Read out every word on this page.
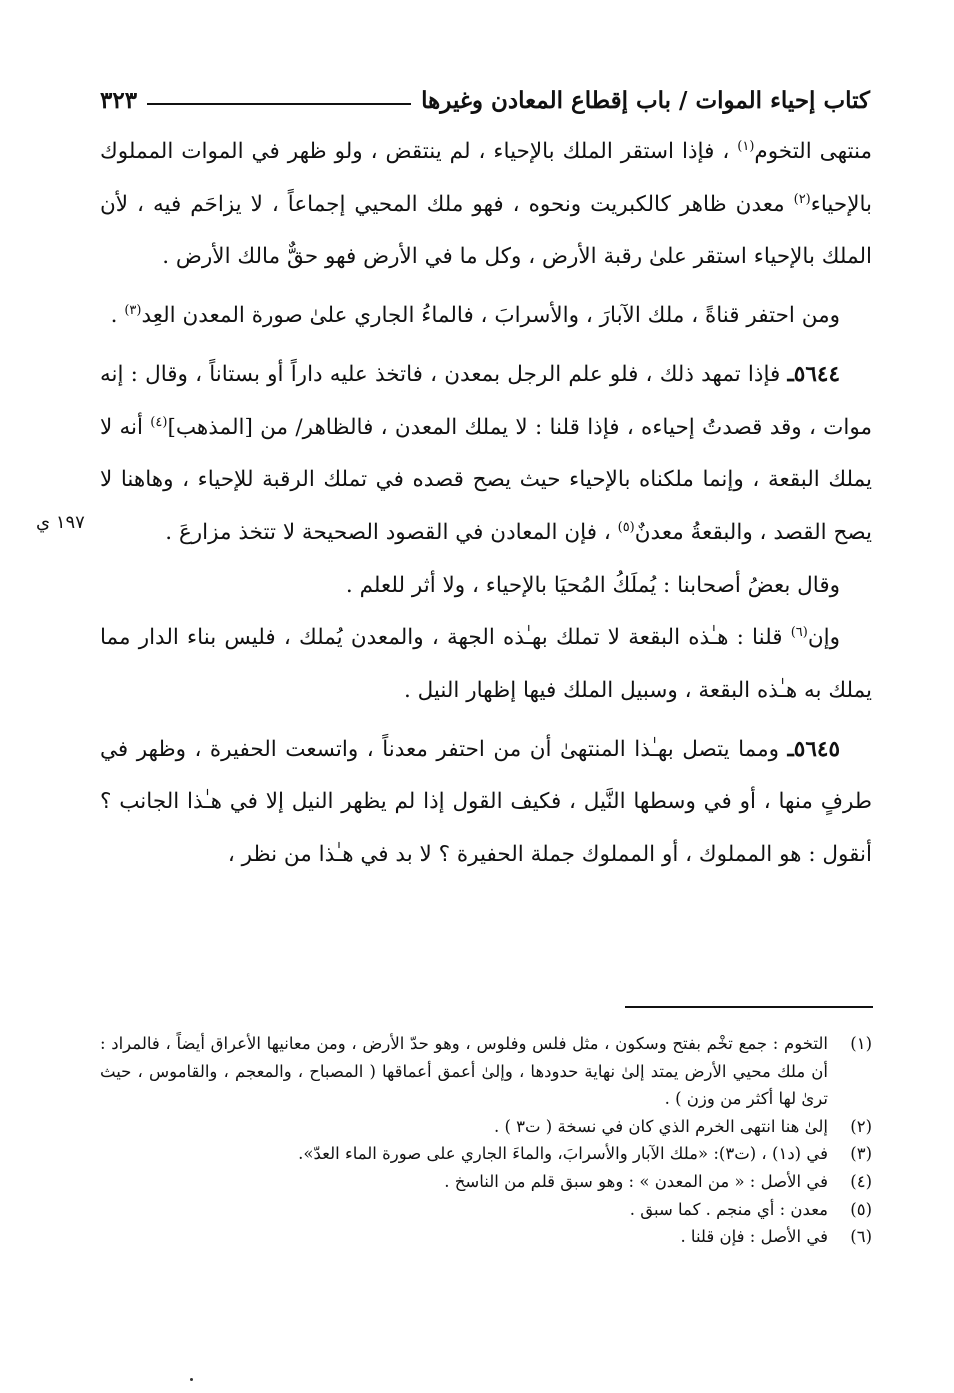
كتاب إحياء الموات / باب إقطاع المعادن وغيرها
٣٢٣
١٩٧ ي

منتهى التخوم$^{(١)}$ ، فإذا استقر الملك بالإحياء ، لم ينتقض ، ولو ظهر في الموات المملوك بالإحياء$^{(٢)}$ معدن ظاهر كالكبريت ونحوه ، فهو ملك المحيي إجماعاً ، لا يزاحَم فيه ، لأن الملك بالإحياء استقر علىٰ رقبة الأرض ، وكل ما في الأرض فهو حقٌّ مالك الأرض .

ومن احتفر قناةً ، ملك الآبارَ ، والأسرابَ ، فالماءُ الجاري علىٰ صورة المعدن العِد$^{(٣)}$ .

٥٦٤٤ـ فإذا تمهد ذلك ، فلو علم الرجل بمعدن ، فاتخذ عليه داراً أو بستاناً ، وقال : إنه موات ، وقد قصدتُ إحياءه ، فإذا قلنا : لا يملك المعدن ، فالظاهر/ من [المذهب]$^{(٤)}$ أنه لا يملك البقعة ، وإنما ملكناه بالإحياء حيث يصح قصده في تملك الرقبة للإحياء ، وهاهنا لا يصح القصد ، والبقعةُ معدنٌ$^{(٥)}$ ، فإن المعادن في القصود الصحيحة لا تتخذ مزارعَ .

وقال بعضُ أصحابنا : يُملَكُ المُحيَا بالإحياء ، ولا أثر للعلم .

وإن$^{(٦)}$ قلنا : هـٰذه البقعة لا تملك بهـٰذه الجهة ، والمعدن يُملك ، فليس بناء الدار مما يملك به هـٰذه البقعة ، وسبيل الملك فيها إظهار النيل .

٥٦٤٥ـ ومما يتصل بهـٰذا المنتهىٰ أن من احتفر معدناً ، واتسعت الحفيرة ، وظهر في طرفٍ منها ، أو في وسطها النَّيل ، فكيف القول إذا لم يظهر النيل إلا في هـٰذا الجانب ؟ أنقول : هو المملوك ، أو المملوك جملة الحفيرة ؟ لا بد في هـٰذا من نظر ،

(١)
التخوم : جمع تخْم بفتح وسكون ، مثل فلس وفلوس ، وهو حدّ الأرض ، ومن معانيها الأعراق أيضاً ، فالمراد : أن ملك محيي الأرض يمتد إلىٰ نهاية حدودها ، وإلىٰ أعمق أعماقها ( المصباح ، والمعجم ، والقاموس ، حيث ترىٰ لها أكثر من وزن ) .
(٢)
إلىٰ هنا انتهى الخرم الذي كان في نسخة ( ت٣ ) .
(٣)
في (د١) ، (ت٣): «ملك الآبار والأسرابَ، والماءَ الجاري على صورة الماء العدّ».
(٤)
في الأصل : « من المعدن » : وهو سبق قلم من الناسخ .
(٥)
معدن : أي منجم . كما سبق .
(٦)
في الأصل : فإن قلنا .
